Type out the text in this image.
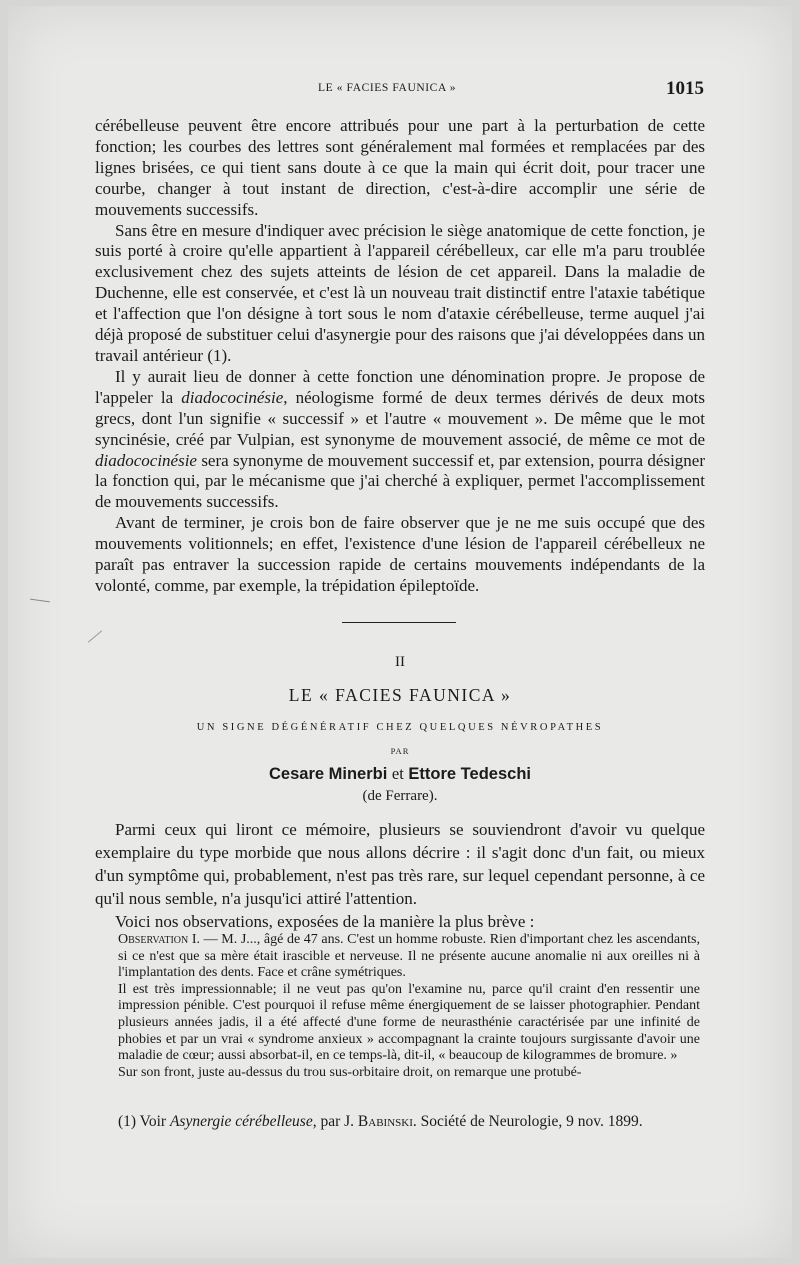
LE « FACIES FAUNICA »	1015

cérébelleuse peuvent être encore attribués pour une part à la perturbation de cette fonction; les courbes des lettres sont généralement mal formées et remplacées par des lignes brisées, ce qui tient sans doute à ce que la main qui écrit doit, pour tracer une courbe, changer à tout instant de direction, c'est-à-dire accomplir une série de mouvements successifs.

Sans être en mesure d'indiquer avec précision le siège anatomique de cette fonction, je suis porté à croire qu'elle appartient à l'appareil cérébelleux, car elle m'a paru troublée exclusivement chez des sujets atteints de lésion de cet appareil. Dans la maladie de Duchenne, elle est conservée, et c'est là un nouveau trait distinctif entre l'ataxie tabétique et l'affection que l'on désigne à tort sous le nom d'ataxie cérébelleuse, terme auquel j'ai déjà proposé de substituer celui d'asynergie pour des raisons que j'ai développées dans un travail antérieur (1).

Il y aurait lieu de donner à cette fonction une dénomination propre. Je propose de l'appeler la diadococinésie, néologisme formé de deux termes dérivés de deux mots grecs, dont l'un signifie « successif » et l'autre « mouvement ». De même que le mot syncinésie, créé par Vulpian, est synonyme de mouvement associé, de même ce mot de diadococinésie sera synonyme de mouvement successif et, par extension, pourra désigner la fonction qui, par le mécanisme que j'ai cherché à expliquer, permet l'accomplissement de mouvements successifs.

Avant de terminer, je crois bon de faire observer que je ne me suis occupé que des mouvements volitionnels; en effet, l'existence d'une lésion de l'appareil cérébelleux ne paraît pas entraver la succession rapide de certains mouvements indépendants de la volonté, comme, par exemple, la trépidation épileptoïde.

II
LE « FACIES FAUNICA »
UN SIGNE DÉGÉNÉRATIF CHEZ QUELQUES NÉVROPATHES
PAR
Cesare Minerbi et Ettore Tedeschi
(de Ferrare).

Parmi ceux qui liront ce mémoire, plusieurs se souviendront d'avoir vu quelque exemplaire du type morbide que nous allons décrire : il s'agit donc d'un fait, ou mieux d'un symptôme qui, probablement, n'est pas très rare, sur lequel cependant personne, à ce qu'il nous semble, n'a jusqu'ici attiré l'attention.

Voici nos observations, exposées de la manière la plus brève :

Observation I. — M. J..., âgé de 47 ans. C'est un homme robuste. Rien d'important chez les ascendants, si ce n'est que sa mère était irascible et nerveuse. Il ne présente aucune anomalie ni aux oreilles ni à l'implantation des dents. Face et crâne symétriques.

Il est très impressionnable; il ne veut pas qu'on l'examine nu, parce qu'il craint d'en ressentir une impression pénible. C'est pourquoi il refuse même énergiquement de se laisser photographier. Pendant plusieurs années jadis, il a été affecté d'une forme de neurasthénie caractérisée par une infinité de phobies et par un vrai « syndrome anxieux » accompagnant la crainte toujours surgissante d'avoir une maladie de cœur; aussi absorbat-il, en ce temps-là, dit-il, « beaucoup de kilogrammes de bromure. »

Sur son front, juste au-dessus du trou sus-orbitaire droit, on remarque une protubé-

(1) Voir Asynergie cérébelleuse, par J. Babinski. Société de Neurologie, 9 nov. 1899.
